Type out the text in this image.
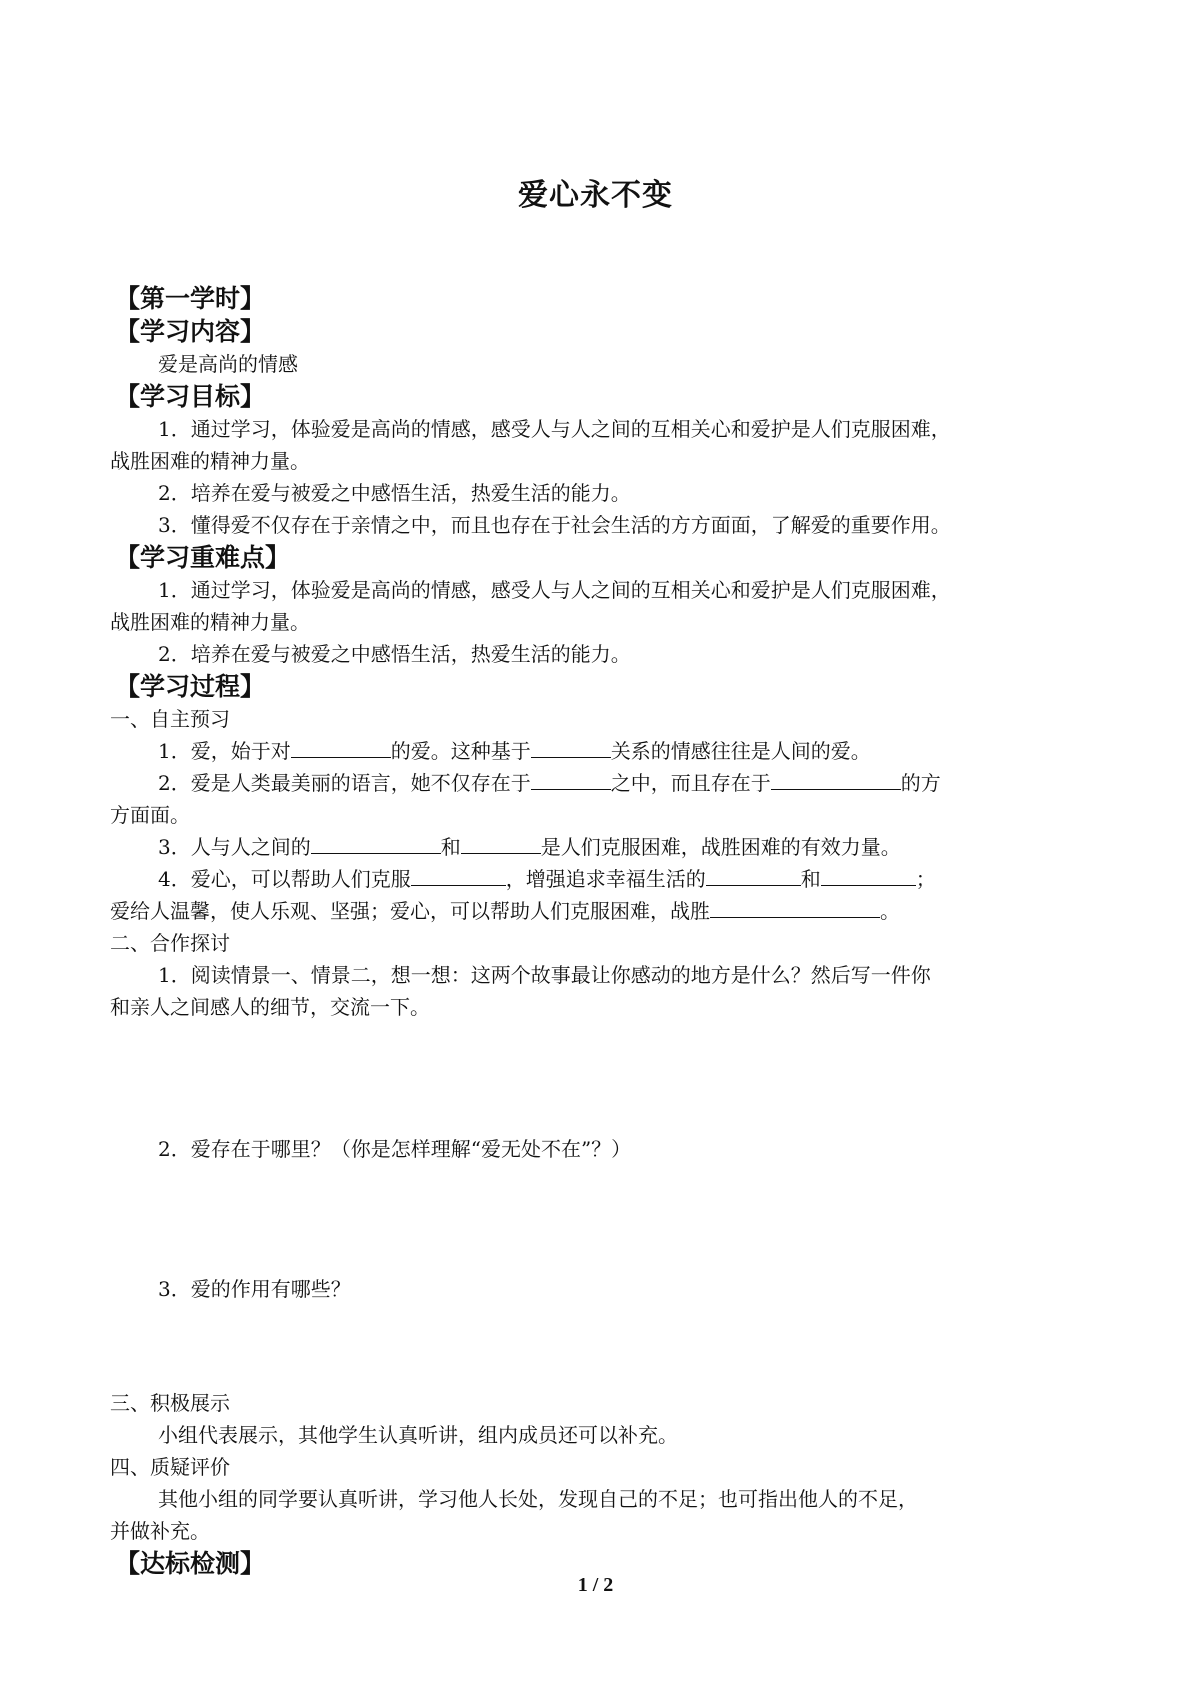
爱心永不变
【第一学时】
【学习内容】
爱是高尚的情感
【学习目标】
1．通过学习，体验爱是高尚的情感，感受人与人之间的互相关心和爱护是人们克服困难，
战胜困难的精神力量。
2．培养在爱与被爱之中感悟生活，热爱生活的能力。
3．懂得爱不仅存在于亲情之中，而且也存在于社会生活的方方面面，了解爱的重要作用。
【学习重难点】
1．通过学习，体验爱是高尚的情感，感受人与人之间的互相关心和爱护是人们克服困难，
战胜困难的精神力量。
2．培养在爱与被爱之中感悟生活，热爱生活的能力。
【学习过程】
一、自主预习
1．爱，始于对	的爱。这种基于	关系的情感往往是人间的爱。
2．爱是人类最美丽的语言，她不仅存在于	之中，而且存在于	的方
方面面。
3．人与人之间的	和	是人们克服困难，战胜困难的有效力量。
4．爱心，可以帮助人们克服	，增强追求幸福生活的	和	；
爱给人温馨，使人乐观、坚强；爱心，可以帮助人们克服困难，战胜	。
二、合作探讨
1．阅读情景一、情景二，想一想：这两个故事最让你感动的地方是什么？然后写一件你
和亲人之间感人的细节，交流一下。
2．爱存在于哪里？（你是怎样理解“爱无处不在”？）
3．爱的作用有哪些？
三、积极展示
小组代表展示，其他学生认真听讲，组内成员还可以补充。
四、质疑评价
其他小组的同学要认真听讲，学习他人长处，发现自己的不足；也可指出他人的不足，
并做补充。
【达标检测】
1 / 2
